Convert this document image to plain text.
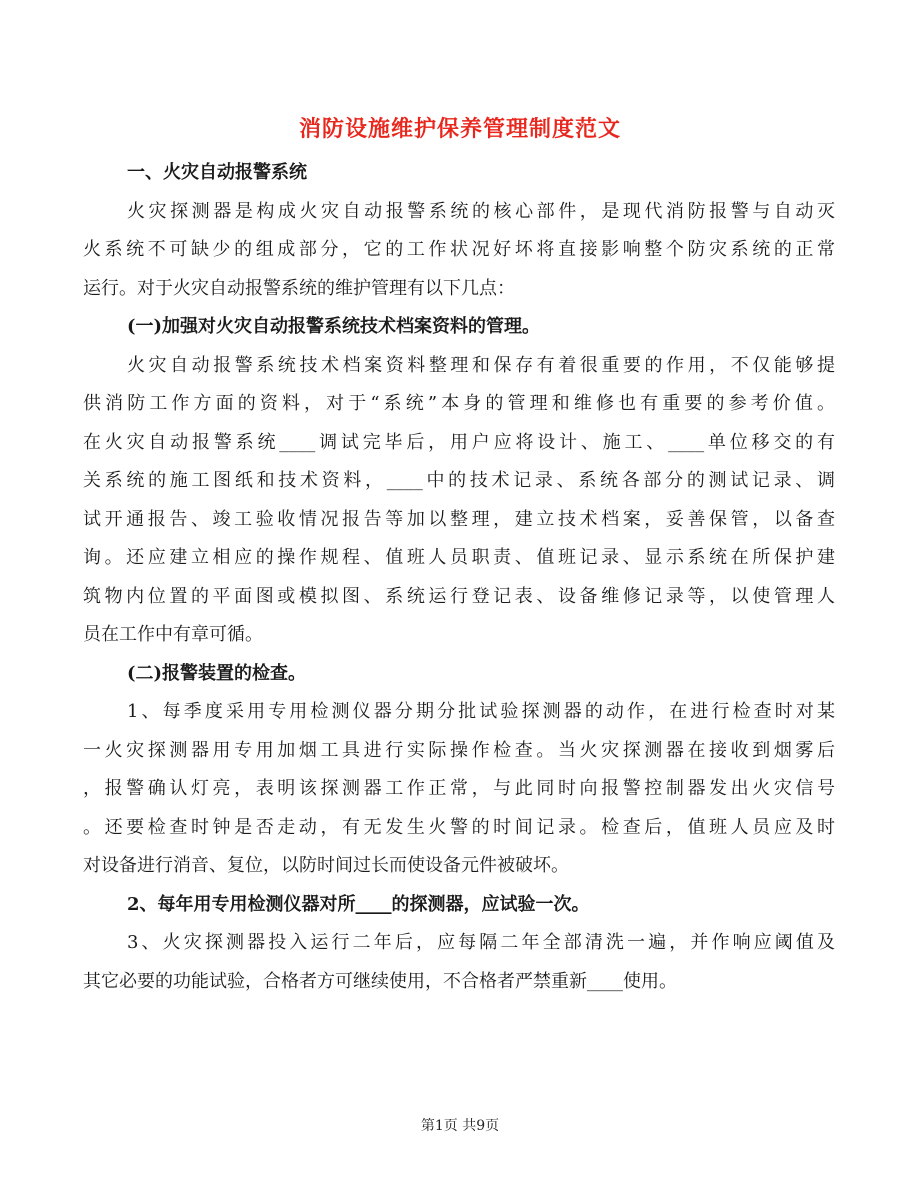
消防设施维护保养管理制度范文
一、火灾自动报警系统
火灾探测器是构成火灾自动报警系统的核心部件，是现代消防报警与自动灭
火系统不可缺少的组成部分，它的工作状况好坏将直接影响整个防灾系统的正常
运行。对于火灾自动报警系统的维护管理有以下几点：
(一)加强对火灾自动报警系统技术档案资料的管理。
火灾自动报警系统技术档案资料整理和保存有着很重要的作用，不仅能够提
供消防工作方面的资料，对于“系统”本身的管理和维修也有重要的参考价值。
在火灾自动报警系统____调试完毕后，用户应将设计、施工、____单位移交的有
关系统的施工图纸和技术资料，____中的技术记录、系统各部分的测试记录、调
试开通报告、竣工验收情况报告等加以整理，建立技术档案，妥善保管，以备查
询。还应建立相应的操作规程、值班人员职责、值班记录、显示系统在所保护建
筑物内位置的平面图或模拟图、系统运行登记表、设备维修记录等，以使管理人
员在工作中有章可循。
(二)报警装置的检查。
1、每季度采用专用检测仪器分期分批试验探测器的动作，在进行检查时对某
一火灾探测器用专用加烟工具进行实际操作检查。当火灾探测器在接收到烟雾后
，报警确认灯亮，表明该探测器工作正常，与此同时向报警控制器发出火灾信号
。还要检查时钟是否走动，有无发生火警的时间记录。检查后，值班人员应及时
对设备进行消音、复位，以防时间过长而使设备元件被破坏。
2、每年用专用检测仪器对所____的探测器，应试验一次。
3、火灾探测器投入运行二年后，应每隔二年全部清洗一遍，并作响应阈值及
其它必要的功能试验，合格者方可继续使用，不合格者严禁重新____使用。
第1页 共9页
